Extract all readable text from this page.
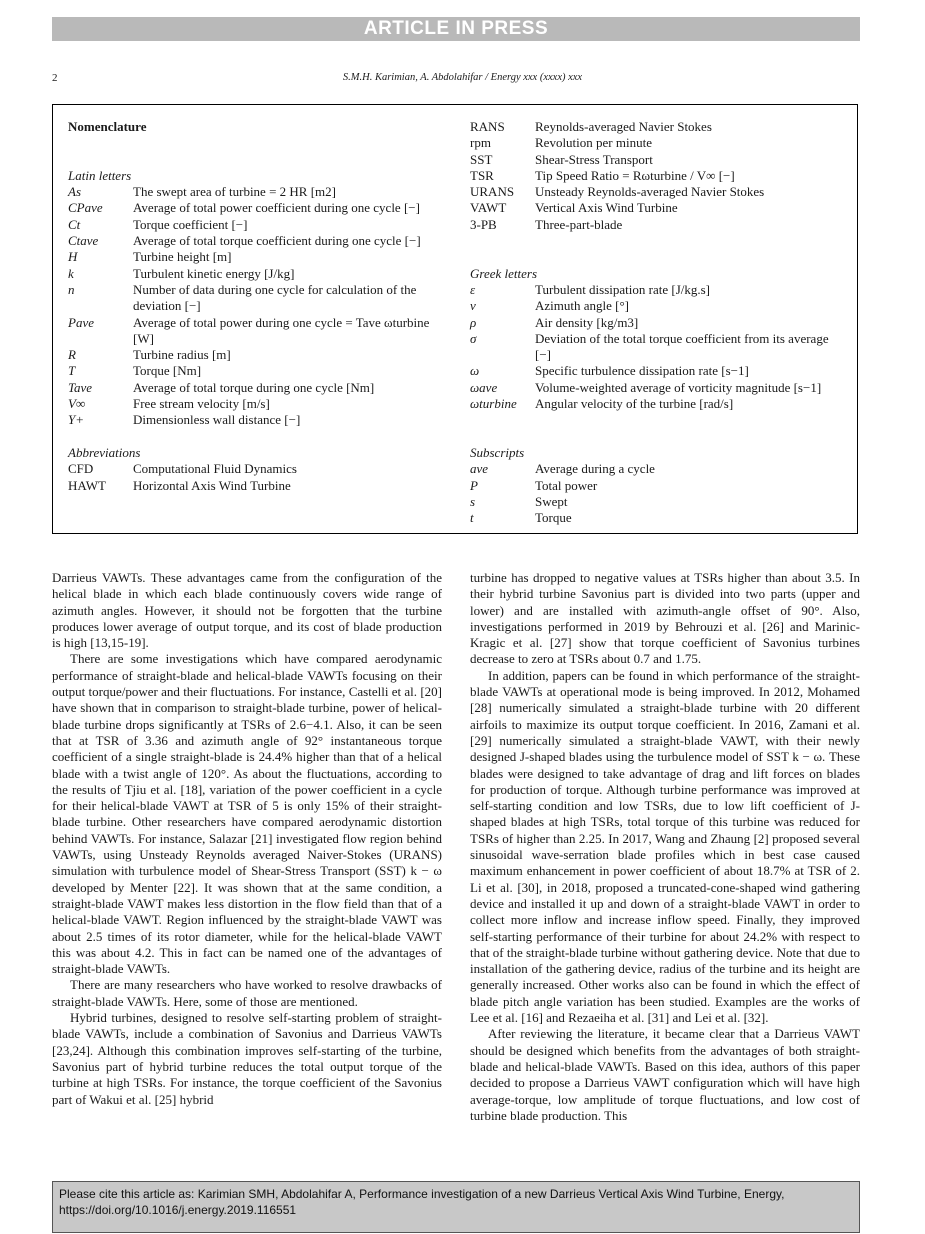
ARTICLE IN PRESS
2	S.M.H. Karimian, A. Abdolahifar / Energy xxx (xxxx) xxx
Nomenclature
Latin letters
As	The swept area of turbine = 2 HR [m2]
CPave	Average of total power coefficient during one cycle [−]
Ct	Torque coefficient [−]
Ctave	Average of total torque coefficient during one cycle [−]
H	Turbine height [m]
k	Turbulent kinetic energy [J/kg]
n	Number of data during one cycle for calculation of the deviation [−]
Pave	Average of total power during one cycle = Tave ωturbine [W]
R	Turbine radius [m]
T	Torque [Nm]
Tave	Average of total torque during one cycle [Nm]
V∞	Free stream velocity [m/s]
Y+	Dimensionless wall distance [−]
Abbreviations
CFD	Computational Fluid Dynamics
HAWT	Horizontal Axis Wind Turbine
RANS	Reynolds-averaged Navier Stokes
rpm	Revolution per minute
SST	Shear-Stress Transport
TSR	Tip Speed Ratio = Rωturbine / V∞ [−]
URANS	Unsteady Reynolds-averaged Navier Stokes
VAWT	Vertical Axis Wind Turbine
3-PB	Three-part-blade
Greek letters
ε	Turbulent dissipation rate [J/kg.s]
ν	Azimuth angle [°]
ρ	Air density [kg/m3]
σ	Deviation of the total torque coefficient from its average [−]
ω	Specific turbulence dissipation rate [s−1]
ωave	Volume-weighted average of vorticity magnitude [s−1]
ωturbine	Angular velocity of the turbine [rad/s]
Subscripts
ave	Average during a cycle
P	Total power
s	Swept
t	Torque

Darrieus VAWTs. These advantages came from the configuration of the helical blade in which each blade continuously covers wide range of azimuth angles. However, it should not be forgotten that the turbine produces lower average of output torque, and its cost of blade production is high [13,15-19].

There are some investigations which have compared aerodynamic performance of straight-blade and helical-blade VAWTs focusing on their output torque/power and their fluctuations. For instance, Castelli et al. [20] have shown that in comparison to straight-blade turbine, power of helical-blade turbine drops significantly at TSRs of 2.6−4.1. Also, it can be seen that at TSR of 3.36 and azimuth angle of 92° instantaneous torque coefficient of a single straight-blade is 24.4% higher than that of a helical blade with a twist angle of 120°. As about the fluctuations, according to the results of Tjiu et al. [18], variation of the power coefficient in a cycle for their helical-blade VAWT at TSR of 5 is only 15% of their straight-blade turbine. Other researchers have compared aerodynamic distortion behind VAWTs. For instance, Salazar [21] investigated flow region behind VAWTs, using Unsteady Reynolds averaged Naiver-Stokes (URANS) simulation with turbulence model of Shear-Stress Transport (SST) k − ω developed by Menter [22]. It was shown that at the same condition, a straight-blade VAWT makes less distortion in the flow field than that of a helical-blade VAWT. Region influenced by the straight-blade VAWT was about 2.5 times of its rotor diameter, while for the helical-blade VAWT this was about 4.2. This in fact can be named one of the advantages of straight-blade VAWTs.

There are many researchers who have worked to resolve drawbacks of straight-blade VAWTs. Here, some of those are mentioned.

Hybrid turbines, designed to resolve self-starting problem of straight-blade VAWTs, include a combination of Savonius and Darrieus VAWTs [23,24]. Although this combination improves self-starting of the turbine, Savonius part of hybrid turbine reduces the total output torque of the turbine at high TSRs. For instance, the torque coefficient of the Savonius part of Wakui et al. [25] hybrid

turbine has dropped to negative values at TSRs higher than about 3.5. In their hybrid turbine Savonius part is divided into two parts (upper and lower) and are installed with azimuth-angle offset of 90°. Also, investigations performed in 2019 by Behrouzi et al. [26] and Marinic-Kragic et al. [27] show that torque coefficient of Savonius turbines decrease to zero at TSRs about 0.7 and 1.75.

In addition, papers can be found in which performance of the straight-blade VAWTs at operational mode is being improved. In 2012, Mohamed [28] numerically simulated a straight-blade turbine with 20 different airfoils to maximize its output torque coefficient. In 2016, Zamani et al. [29] numerically simulated a straight-blade VAWT, with their newly designed J-shaped blades using the turbulence model of SST k − ω. These blades were designed to take advantage of drag and lift forces on blades for production of torque. Although turbine performance was improved at self-starting condition and low TSRs, due to low lift coefficient of J-shaped blades at high TSRs, total torque of this turbine was reduced for TSRs of higher than 2.25. In 2017, Wang and Zhaung [2] proposed several sinusoidal wave-serration blade profiles which in best case caused maximum enhancement in power coefficient of about 18.7% at TSR of 2. Li et al. [30], in 2018, proposed a truncated-cone-shaped wind gathering device and installed it up and down of a straight-blade VAWT in order to collect more inflow and increase inflow speed. Finally, they improved self-starting performance of their turbine for about 24.2% with respect to that of the straight-blade turbine without gathering device. Note that due to installation of the gathering device, radius of the turbine and its height are generally increased. Other works also can be found in which the effect of blade pitch angle variation has been studied. Examples are the works of Lee et al. [16] and Rezaeiha et al. [31] and Lei et al. [32].

After reviewing the literature, it became clear that a Darrieus VAWT should be designed which benefits from the advantages of both straight-blade and helical-blade VAWTs. Based on this idea, authors of this paper decided to propose a Darrieus VAWT configuration which will have high average-torque, low amplitude of torque fluctuations, and low cost of turbine blade production. This

Please cite this article as: Karimian SMH, Abdolahifar A, Performance investigation of a new Darrieus Vertical Axis Wind Turbine, Energy, https://doi.org/10.1016/j.energy.2019.116551
